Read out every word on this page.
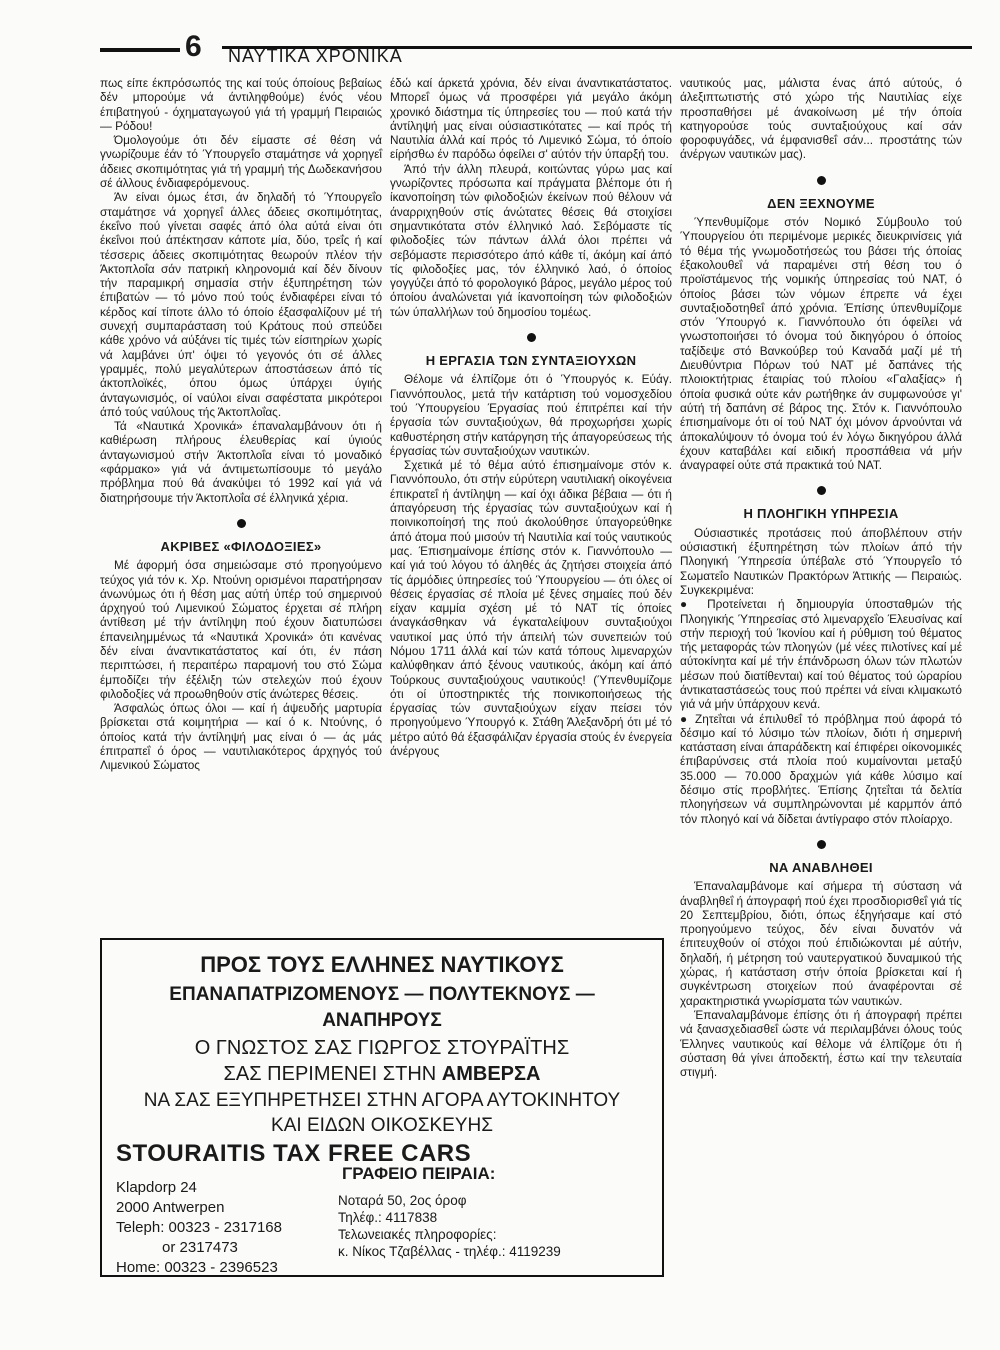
6 ΝΑΥΤΙΚΑ ΧΡΟΝΙΚΑ

πως είπε έκπρόσωπός της καί τούς όποίους βεβαίως δέν μπορούμε νά άντιληφθούμε) ένός νέου έπιβατηγού - όχηματαγωγού γιά τή γραμμή Πειραιώς — Ρόδου!

Όμολογούμε ότι δέν είμαστε σέ θέση νά γνωρίζουμε έάν τό Ύπουργεΐο σταμάτησε νά χορηγεΐ άδειες σκοπιμότητας γιά τή γραμμή τής Δωδεκανήσου σέ άλλους ένδιαφερόμενους.

Άν είναι όμως έτσι, άν δηλαδή τό Ύπουργεΐο σταμάτησε νά χορηγεΐ άλλες άδειες σκοπιμότητας, έκεΐνο πού γίνεται σαφές άπό όλα αύτά είναι ότι έκεΐνοι πού άπέκτησαν κάποτε μία, δύο, τρεΐς ή καί τέσσερις άδειες σκοπιμότητας θεωρούν πλέον τήν Άκτοπλοΐα σάν πατρική κληρονομιά καί δέν δίνουν τήν παραμικρή σημασία στήν έξυπηρέτηση τών έπιβατών — τό μόνο πού τούς ένδιαφέρει είναι τό κέρδος καί τίποτε άλλο τό όποίο έξασφαλίζουν μέ τή συνεχή συμπαράσταση τού Κράτους πού σπεύδει κάθε χρόνο νά αύξάνει τίς τιμές τών είσιτηρίων χωρίς νά λαμβάνει ύπ' όψει τό γεγονός ότι σέ άλλες γραμμές, πολύ μεγαλύτερων άποστάσεων άπό τίς άκτοπλοϊκές, όπου όμως ύπάρχει ύγιής άνταγωνισμός, οί ναύλοι είναι σαφέστατα μικρότεροι άπό τούς ναύλους τής Άκτοπλοΐας.

Τά «Ναυτικά Χρονικά» έπαναλαμβάνουν ότι ή καθιέρωση πλήρους έλευθερίας καί ύγιούς άνταγωνισμού στήν Άκτοπλοΐα είναι τό μοναδικό «φάρμακο» γιά νά άντιμετωπίσουμε τό μεγάλο πρόβλημα πού θά άνακύψει τό 1992 καί γιά νά διατηρήσουμε τήν Άκτοπλοΐα σέ έλληνικά χέρια.

ΑΚΡΙΒΕΣ «ΦΙΛΟΔΟΞΙΕΣ»

Μέ άφορμή όσα σημειώσαμε στό προηγούμενο τεύχος γιά τόν κ. Χρ. Ντούνη ορισμένοι παρατήρησαν άνωνύμως ότι ή θέση μας αύτή ύπέρ τού σημερινού άρχηγού τού Λιμενικού Σώματος έρχεται σέ πλήρη άντίθεση μέ τήν άντίληψη πού έχουν διατυπώσει έπανειλημμένως τά «Ναυτικά Χρονικά» ότι κανένας δέν είναι άναντικατάστατος καί ότι, έν πάση περιπτώσει, ή περαιτέρω παραμονή του στό Σώμα έμποδίζει τήν έξέλιξη τών στελεχών πού έχουν φιλοδοξίες νά προωθηθούν στίς άνώτερες θέσεις.

Άσφαλώς όπως όλοι — καί ή άψευδής μαρτυρία βρίσκεται στά κοιμητήρια — καί ό κ. Ντούνης, ό όποίος κατά τήν άντίληψή μας είναι ό — άς μάς έπιτραπεΐ ό όρος — ναυτιλιακότερος άρχηγός τού Λιμενικού Σώματος

έδώ καί άρκετά χρόνια, δέν είναι άναντικατάστατος. Μπορεΐ όμως νά προσφέρει γιά μεγάλο άκόμη χρονικό διάστημα τίς ύπηρεσίες του — πού κατά τήν άντίληψή μας είναι ούσιαστικότατες — καί πρός τή Ναυτιλία άλλά καί πρός τό Λιμενικό Σώμα, τό όποίο είρήσθω έν παρόδω όφείλει σ' αύτόν τήν ύπαρξή του.

Άπό τήν άλλη πλευρά, κοιτώντας γύρω μας καί γνωρίζοντες πρόσωπα καί πράγματα βλέπομε ότι ή ίκανοποίηση τών φιλοδοξιών έκείνων πού θέλουν νά άναρριχηθούν στίς άνώτατες θέσεις θά στοιχίσει σημαντικότατα στόν έλληνικό λαό. Σεβόμαστε τίς φιλοδοξίες τών πάντων άλλά όλοι πρέπει νά σεβόμαστε περισσότερο άπό κάθε τί, άκόμη καί άπό τίς φιλοδοξίες μας, τόν έλληνικό λαό, ό όποίος γογγύζει άπό τό φορολογικό βάρος, μεγάλο μέρος τού όποίου άναλώνεται γιά ίκανοποίηση τών φιλοδοξιών τών ύπαλλήλων τού δημοσίου τομέως.

Η ΕΡΓΑΣΙΑ ΤΩΝ ΣΥΝΤΑΞΙΟΥΧΩΝ

Θέλομε νά έλπίζομε ότι ό Ύπουργός κ. Εύάγ. Γιαννόπουλος, μετά τήν κατάρτιση τού νομοσχεδίου τού Ύπουργείου Έργασίας πού έπιτρέπει καί τήν έργασία τών συνταξιούχων, θά προχωρήσει χωρίς καθυστέρηση στήν κατάργηση τής άπαγορεύσεως τής έργασίας τών συνταξιούχων ναυτικών.

Σχετικά μέ τό θέμα αύτό έπισημαίνομε στόν κ. Γιαννόπουλο, ότι στήν εύρύτερη ναυτιλιακή οίκογένεια έπικρατεΐ ή άντίληψη — καί όχι άδικα βέβαια — ότι ή άπαγόρευση τής έργασίας τών συνταξιούχων καί ή ποινικοποίησή της πού άκολούθησε ύπαγορεύθηκε άπό άτομα πού μισούν τή Ναυτιλία καί τούς ναυτικούς μας. Έπισημαίνομε έπίσης στόν κ. Γιαννόπουλο — καί γιά τού λόγου τό άληθές άς ζητήσει στοιχεία άπό τίς άρμόδιες ύπηρεσίες τού Ύπουργείου — ότι όλες οί θέσεις έργασίας σέ πλοία μέ ξένες σημαίες πού δέν είχαν καμμία σχέση μέ τό ΝΑΤ τίς όποίες άναγκάσθηκαν νά έγκαταλείψουν συνταξιούχοι ναυτικοί μας ύπό τήν άπειλή τών συνεπειών τού Νόμου 1711 άλλά καί τών κατά τόπους λιμεναρχών καλύφθηκαν άπό ξένους ναυτικούς, άκόμη καί άπό Τούρκους συνταξιούχους ναυτικούς! (Ύπενθυμίζομε ότι οί ύποστηρικτές τής ποινικοποιήσεως τής έργασίας τών συνταξιούχων είχαν πείσει τόν προηγούμενο Ύπουργό κ. Στάθη Άλεξανδρή ότι μέ τό μέτρο αύτό θά έξασφάλιζαν έργασία στούς έν ένεργεία άνέργους

ναυτικούς μας, μάλιστα ένας άπό αύτούς, ό άλεξιπτωτιστής στό χώρο τής Ναυτιλίας είχε προσπαθήσει μέ άνακοίνωση μέ τήν όποία κατηγορούσε τούς συνταξιούχους καί σάν φοροφυγάδες, νά έμφανισθεΐ σάν... προστάτης τών άνέργων ναυτικών μας).

ΔΕΝ ΞΕΧΝΟΥΜΕ

Ύπενθυμίζομε στόν Νομικό Σύμβουλο τού Ύπουργείου ότι περιμένομε μερικές διευκρινίσεις γιά τό θέμα τής γνωμοδοτήσεώς του βάσει τής όποίας έξακολουθεΐ νά παραμένει στή θέση του ό προϊστάμενος τής νομικής ύπηρεσίας τού ΝΑΤ, ό όποίος βάσει τών νόμων έπρεπε νά έχει συνταξιοδοτηθεΐ άπό χρόνια. Έπίσης ύπενθυμίζομε στόν Ύπουργό κ. Γιαννόπουλο ότι όφείλει νά γνωστοποιήσει τό όνομα τού δικηγόρου ό όποίος ταξίδεψε στό Βανκούβερ τού Καναδά μαζί μέ τή Διευθύντρια Πόρων τού ΝΑΤ μέ δαπάνες τής πλοιοκτήτριας έταιρίας τού πλοίου «Γαλαξίας» ή όποία φυσικά ούτε κάν ρωτήθηκε άν συμφωνούσε γι' αύτή τή δαπάνη σέ βάρος της. Στόν κ. Γιαννόπουλο έπισημαίνομε ότι οί τού ΝΑΤ όχι μόνον άρνούνται νά άποκαλύψουν τό όνομα τού έν λόγω δικηγόρου άλλά έχουν καταβάλει καί ειδική προσπάθεια νά μήν άναγραφεί ούτε στά πρακτικά τού ΝΑΤ.

Η ΠΛΟΗΓΙΚΗ ΥΠΗΡΕΣΙΑ

Ούσιαστικές προτάσεις πού άποβλέπουν στήν ούσιαστική έξυπηρέτηση τών πλοίων άπό τήν Πλοηγική Ύπηρεσία ύπέβαλε στό Ύπουργεΐο τό Σωματεΐο Ναυτικών Πρακτόρων Άττικής — Πειραιώς. Συγκεκριμένα:

● Προτείνεται ή δημιουργία ύποσταθμών τής Πλοηγικής Ύπηρεσίας στό λιμεναρχεΐο Έλευσίνας καί στήν περιοχή τού Ίκονίου καί ή ρύθμιση τού θέματος τής μεταφοράς τών πλοηγών (μέ νέες πιλοτίνες καί μέ αύτοκίνητα καί μέ τήν έπάνδρωση όλων τών πλωτών μέσων πού διατίθενται) καί τού θέματος τού ώραρίου άντικαταστάσεώς τους πού πρέπει νά είναι κλιμακωτό γιά νά μήν ύπάρχουν κενά.

● Ζητεΐται νά έπιλυθεΐ τό πρόβλημα πού άφορά τό δέσιμο καί τό λύσιμο τών πλοίων, διότι ή σημερινή κατάσταση είναι άπαράδεκτη καί έπιφέρει οίκονομικές έπιβαρύνσεις στά πλοία πού κυμαίνονται μεταξύ 35.000 — 70.000 δραχμών γιά κάθε λύσιμο καί δέσιμο στίς προβλήτες. Έπίσης ζητεΐται τά δελτία πλοηγήσεων νά συμπληρώνονται μέ καρμπόν άπό τόν πλοηγό καί νά δίδεται άντίγραφο στόν πλοίαρχο.

ΝΑ ΑΝΑΒΛΗΘΕΙ

Έπαναλαμβάνομε καί σήμερα τή σύσταση νά άναβληθεΐ ή άπογραφή πού έχει προσδιορισθεΐ γιά τίς 20 Σεπτεμβρίου, διότι, όπως έξηγήσαμε καί στό προηγούμενο τεύχος, δέν είναι δυνατόν νά έπιτευχθούν οί στόχοι πού έπιδιώκονται μέ αύτήν, δηλαδή, ή μέτρηση τού ναυτεργατικού δυναμικού τής χώρας, ή κατάσταση στήν όποία βρίσκεται καί ή συγκέντρωση στοιχείων πού άναφέρονται σέ χαρακτηριστικά γνωρίσματα τών ναυτικών.

Έπαναλαμβάνομε έπίσης ότι ή άπογραφή πρέπει νά ξανασχεδιασθεΐ ώστε νά περιλαμβάνει όλους τούς Έλληνες ναυτικούς καί θέλομε νά έλπίζομε ότι ή σύσταση θά γίνει άποδεκτή, έστω καί την τελευταία στιγμή.

ΠΡΟΣ ΤΟΥΣ ΕΛΛΗΝΕΣ ΝΑΥΤΙΚΟΥΣ
ΕΠΑΝΑΠΑΤΡΙΖΟΜΕΝΟΥΣ — ΠΟΛΥΤΕΚΝΟΥΣ —
ΑΝΑΠΗΡΟΥΣ
Ο ΓΝΩΣΤΟΣ ΣΑΣ ΓΙΩΡΓΟΣ ΣΤΟΥΡΑΪΤΗΣ
ΣΑΣ ΠΕΡΙΜΕΝΕΙ ΣΤΗΝ ΑΜΒΕΡΣΑ
ΝΑ ΣΑΣ ΕΞΥΠΗΡΕΤΗΣΕΙ ΣΤΗΝ ΑΓΟΡΑ ΑΥΤΟΚΙΝΗΤΟΥ
ΚΑΙ ΕΙΔΩΝ ΟΙΚΟΣΚΕΥΗΣ
STOURAITIS TAX FREE CARS
Klapdorp 24
2000 Antwerpen
Teleph: 00323 - 2317168
or 2317473
Home: 00323 - 2396523
ΓΡΑΦΕΙΟ ΠΕΙΡΑΙΑ:
Νοταρά 50, 2ος όροφ
Τηλέφ.: 4117838
Τελωνειακές πληροφορίες:
κ. Νίκος Τζαβέλλας - τηλέφ.: 4119239
